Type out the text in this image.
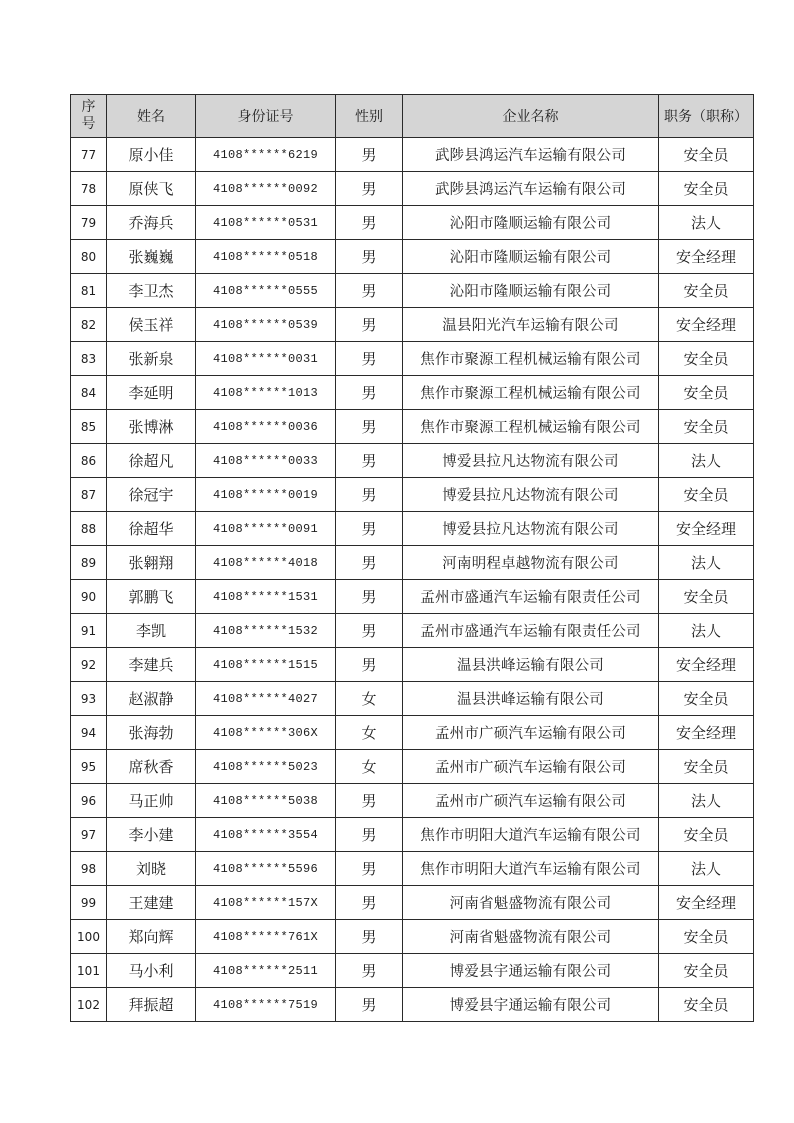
序
号	姓名	身份证号	性别	企业名称	职务（职称）
77	原小佳	4108******6219	男	武陟县鸿运汽车运输有限公司	安全员
78	原侠飞	4108******0092	男	武陟县鸿运汽车运输有限公司	安全员
79	乔海兵	4108******0531	男	沁阳市隆顺运输有限公司	法人
80	张巍巍	4108******0518	男	沁阳市隆顺运输有限公司	安全经理
81	李卫杰	4108******0555	男	沁阳市隆顺运输有限公司	安全员
82	侯玉祥	4108******0539	男	温县阳光汽车运输有限公司	安全经理
83	张新泉	4108******0031	男	焦作市聚源工程机械运输有限公司	安全员
84	李延明	4108******1013	男	焦作市聚源工程机械运输有限公司	安全员
85	张博淋	4108******0036	男	焦作市聚源工程机械运输有限公司	安全员
86	徐超凡	4108******0033	男	博爱县拉凡达物流有限公司	法人
87	徐冠宇	4108******0019	男	博爱县拉凡达物流有限公司	安全员
88	徐超华	4108******0091	男	博爱县拉凡达物流有限公司	安全经理
89	张翱翔	4108******4018	男	河南明程卓越物流有限公司	法人
90	郭鹏飞	4108******1531	男	孟州市盛通汽车运输有限责任公司	安全员
91	李凯	4108******1532	男	孟州市盛通汽车运输有限责任公司	法人
92	李建兵	4108******1515	男	温县洪峰运输有限公司	安全经理
93	赵淑静	4108******4027	女	温县洪峰运输有限公司	安全员
94	张海勃	4108******306X	女	孟州市广硕汽车运输有限公司	安全经理
95	席秋香	4108******5023	女	孟州市广硕汽车运输有限公司	安全员
96	马正帅	4108******5038	男	孟州市广硕汽车运输有限公司	法人
97	李小建	4108******3554	男	焦作市明阳大道汽车运输有限公司	安全员
98	刘晓	4108******5596	男	焦作市明阳大道汽车运输有限公司	法人
99	王建建	4108******157X	男	河南省魁盛物流有限公司	安全经理
100	郑向辉	4108******761X	男	河南省魁盛物流有限公司	安全员
101	马小利	4108******2511	男	博爱县宇通运输有限公司	安全员
102	拜振超	4108******7519	男	博爱县宇通运输有限公司	安全员
